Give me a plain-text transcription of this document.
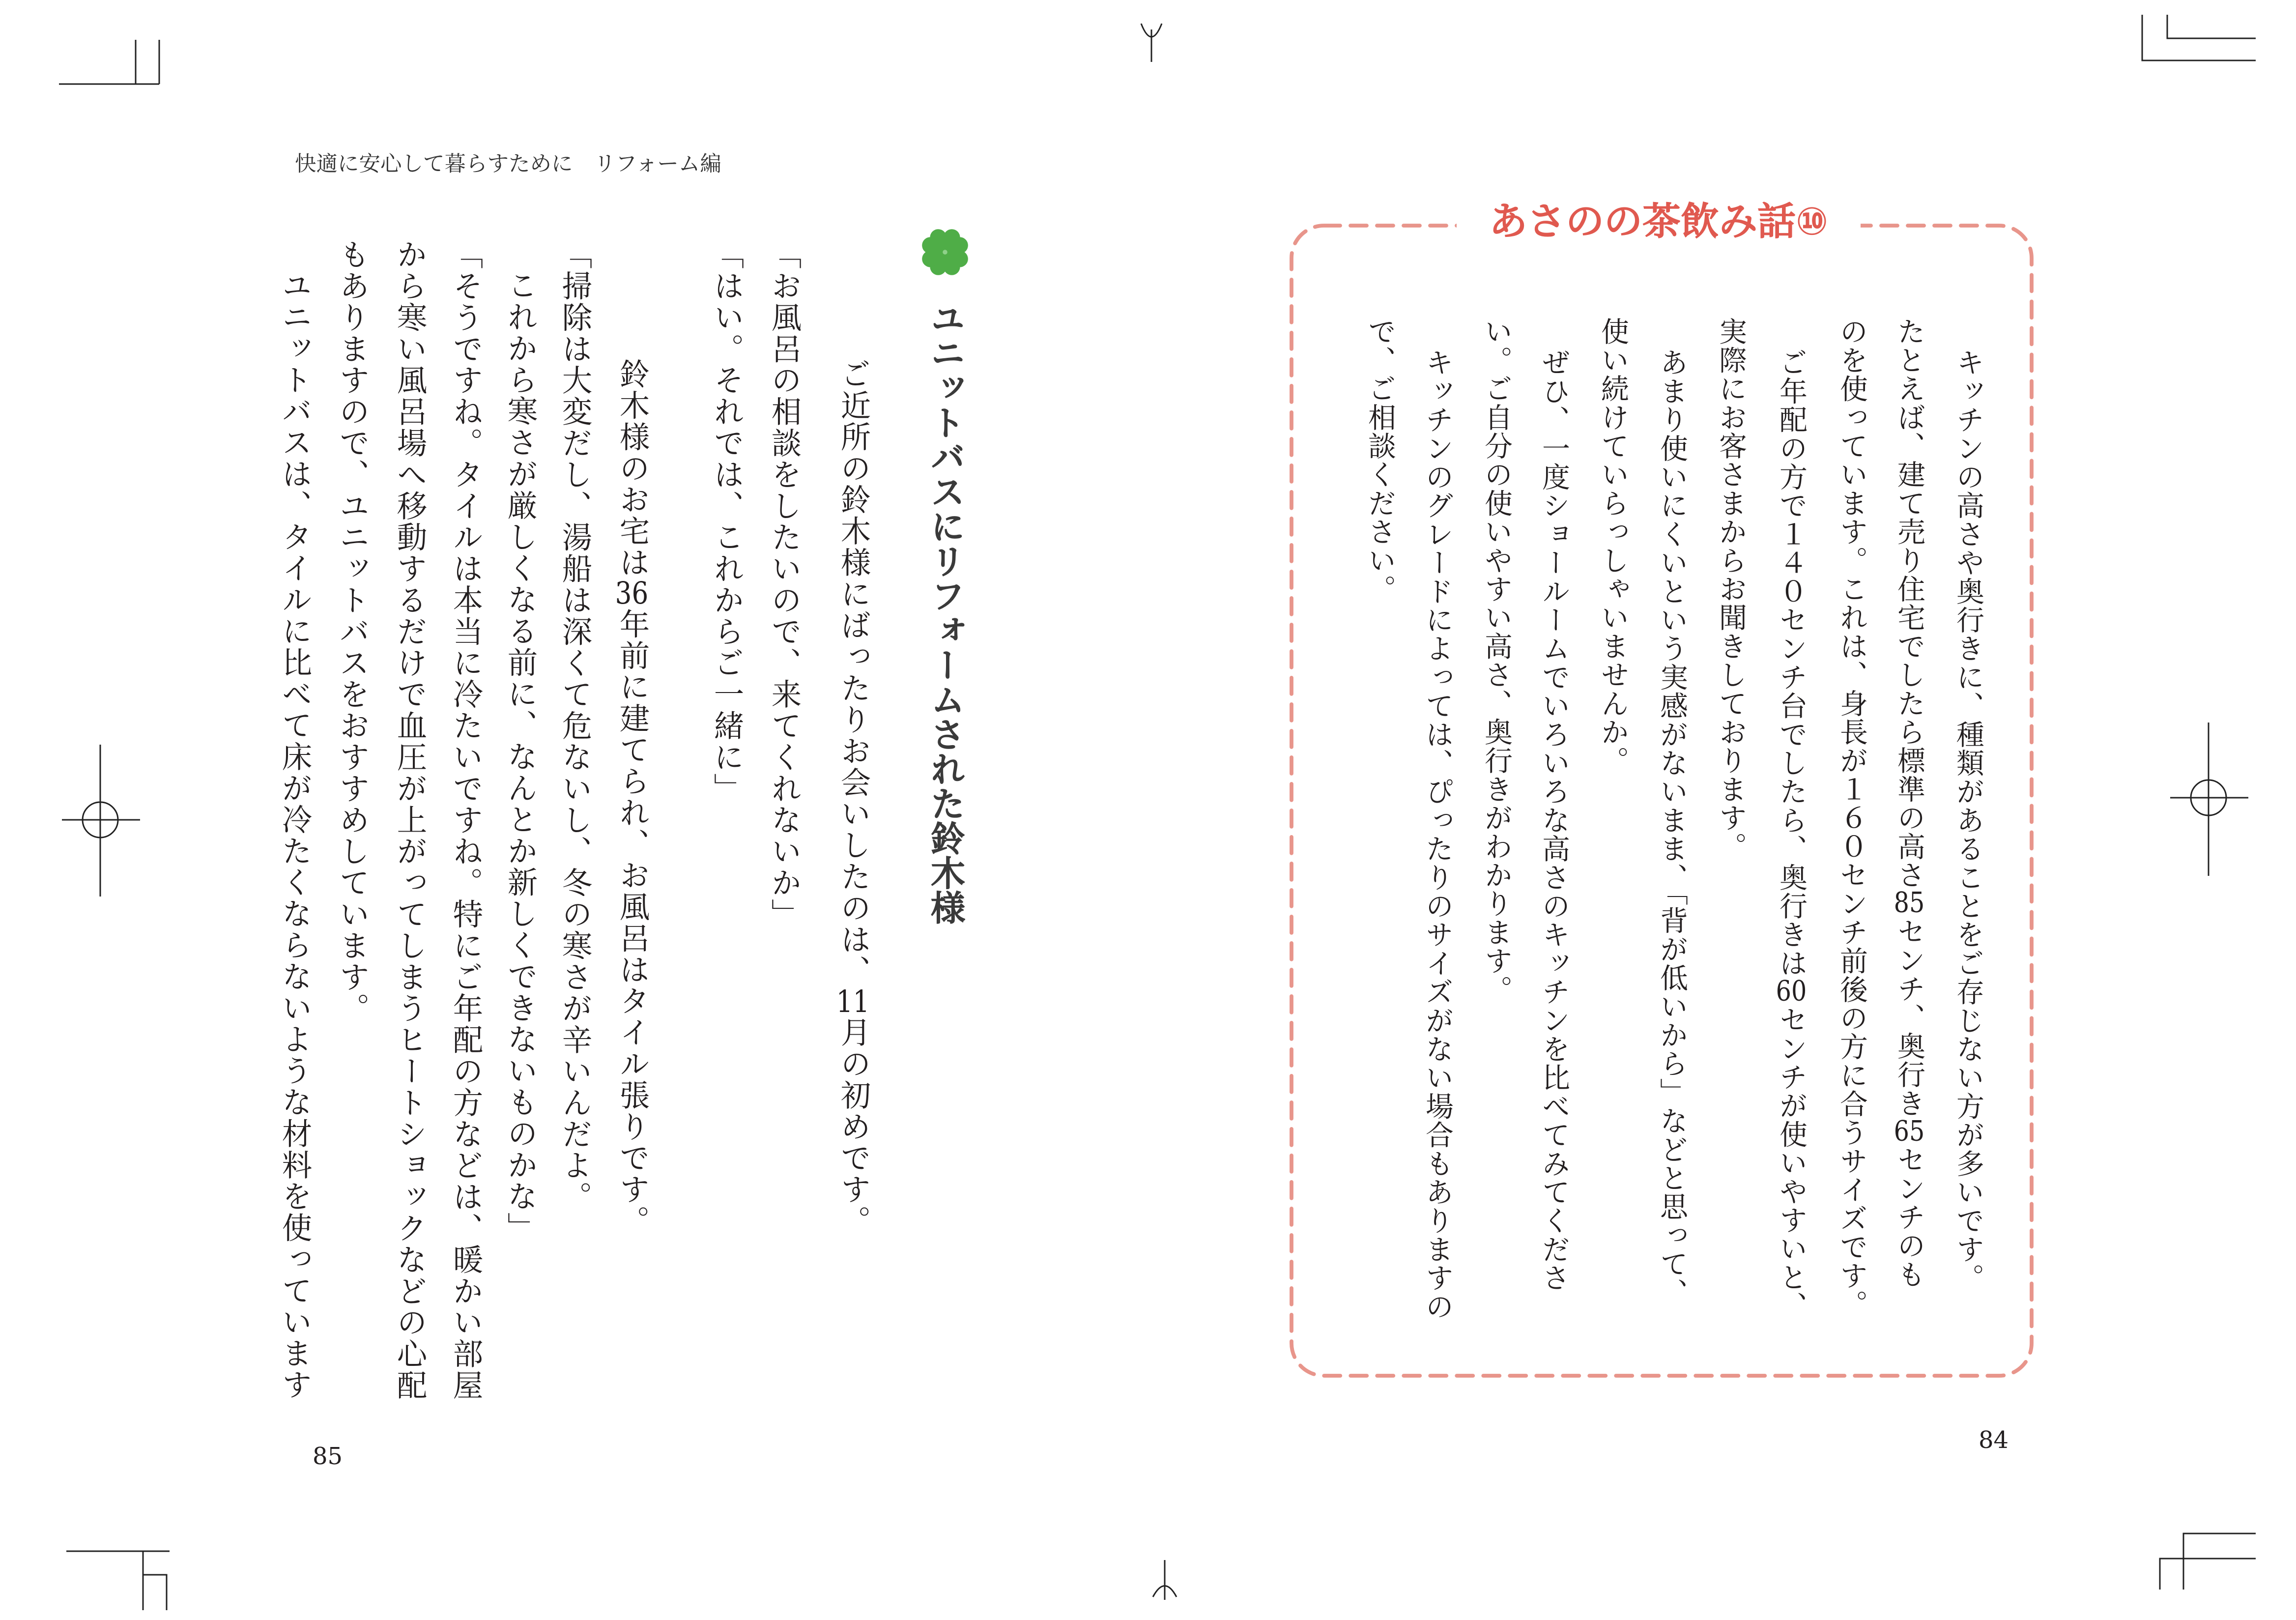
快適に安心して暮らすために　リフォーム編
ユニットバスにリフォームされた鈴木様
ご近所の鈴木様にばったりお会いしたのは、11月の初めです。
「お風呂の相談をしたいので、来てくれないか」
「はい。それでは、これからご一緒に」
鈴木様のお宅は36年前に建てられ、お風呂はタイル張りです。
「掃除は大変だし、湯船は深くて危ないし、冬の寒さが辛いんだよ。
これから寒さが厳しくなる前に、なんとか新しくできないものかな」
「そうですね。タイルは本当に冷たいですね。特にご年配の方などは、暖かい部屋
から寒い風呂場へ移動するだけで血圧が上がってしまうヒートショックなどの心配
もありますので、ユニットバスをおすすめしています。
ユニットバスは、タイルに比べて床が冷たくならないような材料を使っています
85
あさのの茶飲み話⑩
キッチンの高さや奥行きに、種類があることをご存じない方が多いです。
たとえば、建て売り住宅でしたら標準の高さ85センチ、奥行き65センチのも
のを使っています。これは、身長が１６０センチ前後の方に合うサイズです。
ご年配の方で１４０センチ台でしたら、奥行きは60センチが使いやすいと、
実際にお客さまからお聞きしております。
あまり使いにくいという実感がないまま、「背が低いから」などと思って、
使い続けていらっしゃいませんか。
ぜひ、一度ショールームでいろいろな高さのキッチンを比べてみてくださ
い。ご自分の使いやすい高さ、奥行きがわかります。
キッチンのグレードによっては、ぴったりのサイズがない場合もありますの
で、ご相談ください。
84
